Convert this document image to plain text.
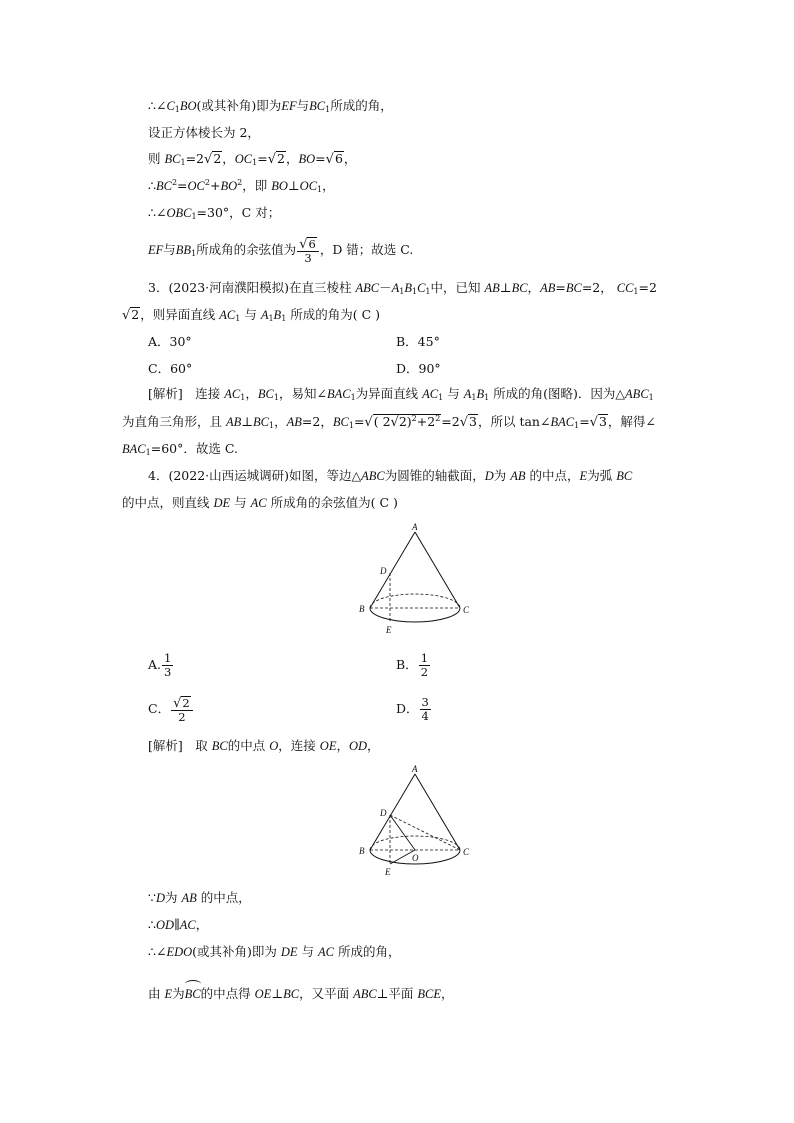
$\therefore\angle C_1BO$(或其补角)即为EF与$BC_1$所成的角，
设正方体棱长为 2，
则 $BC_1=2√2$，$OC_1=√2$，BO=√6，
$\therefore BC^2=OC^2+BO^2$，即 $BO\perp OC_1$，
$\therefore\angle OBC_1=30^\circ$，C 对；
EF与$BB_1$所成角的余弦值为 $\frac{√6}{3}$ ，D 错；故选 C.
3．(2023·河南濮阳模拟)在直三棱柱 $ABC-A_1B_1C_1$中，已知 AB⊥BC，AB=BC=2， $CC_1=2$
√2，则异面直线 $AC_1$ 与 $A_1B_1$ 所成的角为( C )
A．30°	B．45°
C．60°	D．90°
[解析]　 连接 $AC_1$，$BC_1$，易知$\angle BAC_1$为异面直线 $AC_1$ 与 $A_1B_1$ 所成的角(图略)．因为$\triangle ABC_1$
为直角三角形，且 $AB\perp BC_1$，AB=2，$BC_1=√$( $2√2)^2+2^2=2√3$，所以 $\tan\angle BAC_1=√3$，解得∠
$BAC_1=60^\circ$．故选 C.
4．(2022·山西运城调研)如图，等边△ABC为圆锥的轴截面，D为 AB 的中点，E为弧 BC
的中点，则直线 DE 与 AC 所成角的余弦值为( C )
A
D
B
E
C
A. $\frac{1}{3}$	B． $\frac{1}{2}$
C． $\frac{√2}{2}$	D． $\frac{3}{4}$
[解析]　 取 BC的中点 O，连接 OE，OD，
A
D
B
O
E
C
∵D为 AB 的中点，
∴OD∥AC，
∴∠EDO(或其补角)即为 DE 与 AC 所成的角，
由 E为BC的中点得 OE⊥BC，又平面 ABC⊥平面 BCE，
